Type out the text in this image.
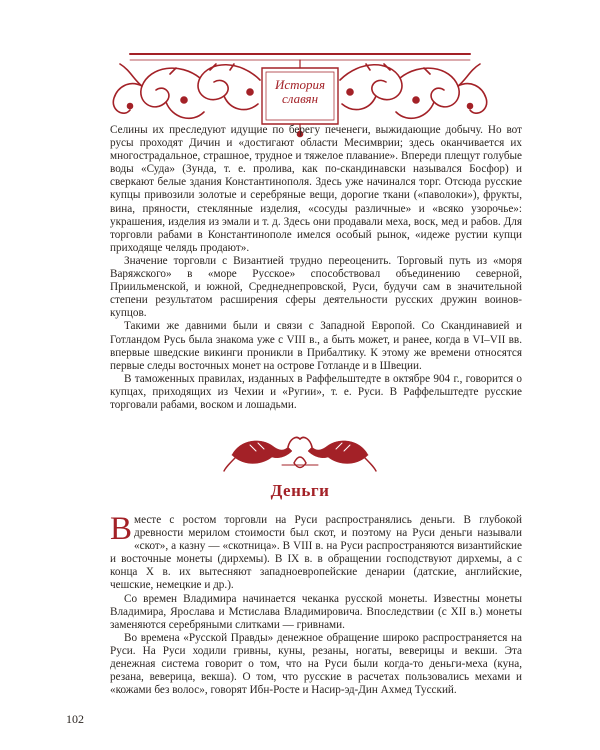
История
славян

Селины их преследуют идущие по берегу печенеги, выжидающие добычу. Но вот русы проходят Дичин и «достигают области Месимврии; здесь оканчивается их многострадальное, страшное, трудное и тяжелое плавание». Впереди плещут голубые воды «Суда» (Зунда, т. е. пролива, как по-скандинавски назывался Босфор) и сверкают белые здания Константинополя. Здесь уже начинался торг. Отсюда русские купцы привозили золотые и серебряные вещи, дорогие ткани («паволоки»), фрукты, вина, пряности, стеклянные изделия, «сосуды различные» и «всяко узорочье»: украшения, изделия из эмали и т. д. Здесь они продавали меха, воск, мед и рабов. Для торговли рабами в Константинополе имелся особый рынок, «идеже рустии купци приходяще челядь продают».

Значение торговли с Византией трудно переоценить. Торговый путь из «моря Варяжского» в «море Русское» способствовал объединению северной, Приильменской, и южной, Среднеднепровской, Руси, будучи сам в значительной степени результатом расширения сферы деятельности русских дружин воинов-купцов.

Такими же давними были и связи с Западной Европой. Со Скандинавией и Готландом Русь была знакома уже с VIII в., а быть может, и ранее, когда в VI–VII вв. впервые шведские викинги проникли в Прибалтику. К этому же времени относятся первые следы восточных монет на острове Готланде и в Швеции.

В таможенных правилах, изданных в Раффельштедте в октябре 904 г., говорится о купцах, приходящих из Чехии и «Ругии», т. е. Руси. В Раффельштедте русские торговали рабами, воском и лошадьми.

Деньги

Вместе с ростом торговли на Руси распространялись деньги. В глубокой древности мерилом стоимости был скот, и поэтому на Руси деньги называли «скот», а казну — «скотница». В VIII в. на Руси распространяются византийские и восточные монеты (дирхемы). В IX в. в обращении господствуют дирхемы, а с конца X в. их вытесняют западноевропейские денарии (датские, английские, чешские, немецкие и др.).

Со времен Владимира начинается чеканка русской монеты. Известны монеты Владимира, Ярослава и Мстислава Владимировича. Впоследствии (с XII в.) монеты заменяются серебряными слитками — гривнами.

Во времена «Русской Правды» денежное обращение широко распространяется на Руси. На Руси ходили гривны, куны, резаны, ногаты, веверицы и векши. Эта денежная система говорит о том, что на Руси были когда-то деньги-меха (куна, резана, веверица, векша). О том, что русские в расчетах пользовались мехами и «кожами без волос», говорят Ибн-Росте и Насир-эд-Дин Ахмед Тусский.

102
